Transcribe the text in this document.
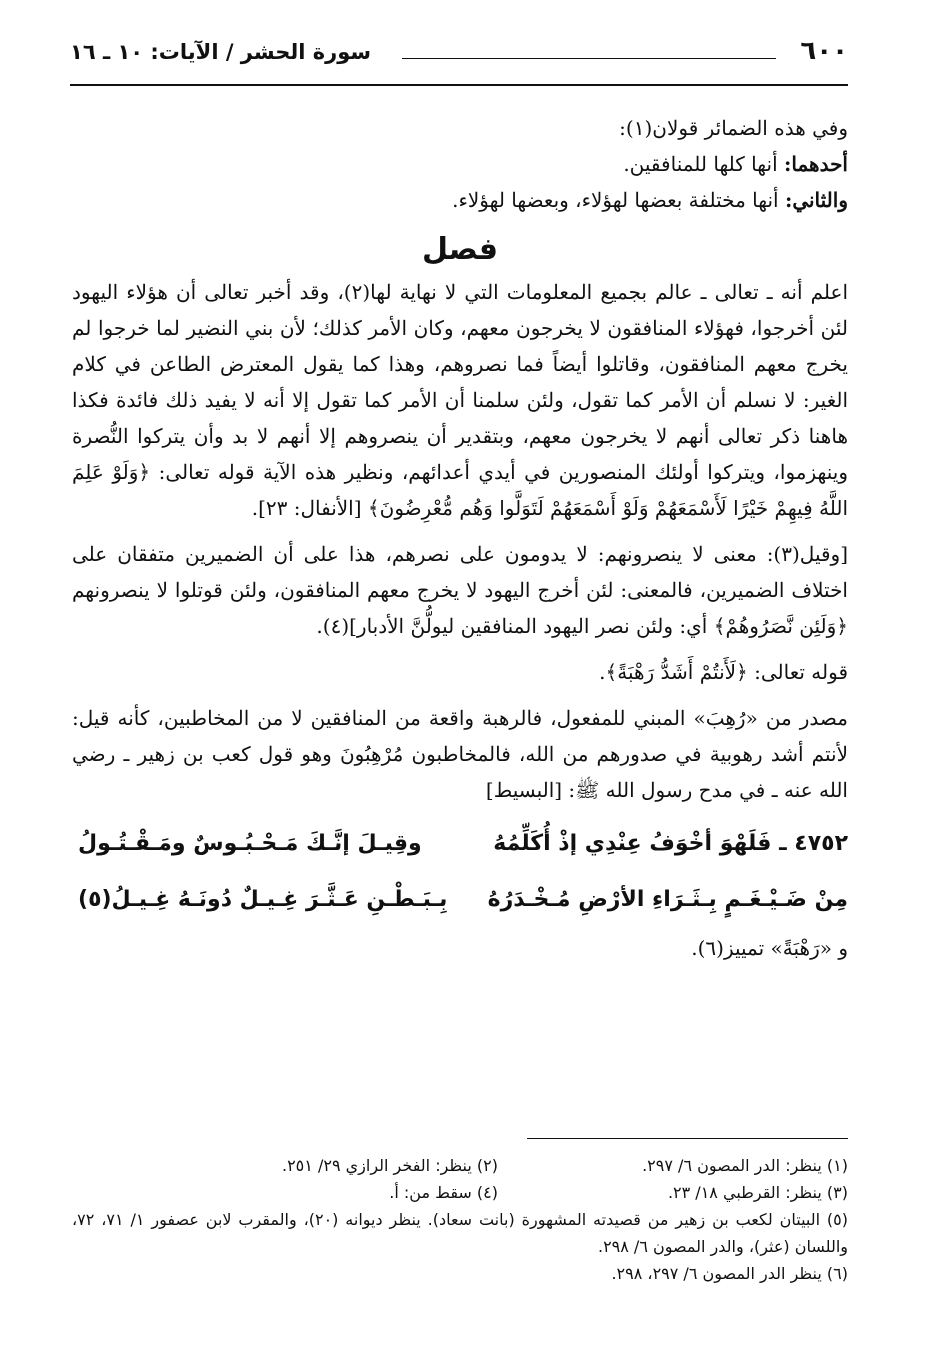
٦٠٠
سورة الحشر / الآيات: ١٠ ـ ١٦

وفي هذه الضمائر قولان(١):

أحدهما: أنها كلها للمنافقين.

والثاني: أنها مختلفة بعضها لهؤلاء، وبعضها لهؤلاء.

فصل

اعلم أنه ـ تعالى ـ عالم بجميع المعلومات التي لا نهاية لها(٢)، وقد أخبر تعالى أن هؤلاء اليهود لئن أخرجوا، فهؤلاء المنافقون لا يخرجون معهم، وكان الأمر كذلك؛ لأن بني النضير لما خرجوا لم يخرج معهم المنافقون، وقاتلوا أيضاً فما نصروهم، وهذا كما يقول المعترض الطاعن في كلام الغير: لا نسلم أن الأمر كما تقول، ولئن سلمنا أن الأمر كما تقول إلا أنه لا يفيد ذلك فائدة فكذا هاهنا ذكر تعالى أنهم لا يخرجون معهم، وبتقدير أن ينصروهم إلا أنهم لا بد وأن يتركوا النُّصرة وينهزموا، ويتركوا أولئك المنصورين في أيدي أعدائهم، ونظير هذه الآية قوله تعالى: ﴿وَلَوْ عَلِمَ اللَّهُ فِيهِمْ خَيْرًا لَأَسْمَعَهُمْ وَلَوْ أَسْمَعَهُمْ لَتَوَلَّوا وَهُم مُّعْرِضُونَ﴾ [الأنفال: ٢٣].

[وقيل(٣): معنى لا ينصرونهم: لا يدومون على نصرهم، هذا على أن الضميرين متفقان على اختلاف الضميرين، فالمعنى: لئن أخرج اليهود لا يخرج معهم المنافقون، ولئن قوتلوا لا ينصرونهم ﴿وَلَئِن نَّصَرُوهُمْ﴾ أي: ولئن نصر اليهود المنافقين ليولُّنَّ الأدبار](٤).

قوله تعالى: ﴿لَأَنتُمْ أَشَدُّ رَهْبَةً﴾.

مصدر من «رُهِبَ» المبني للمفعول، فالرهبة واقعة من المنافقين لا من المخاطبين، كأنه قيل: لأنتم أشد رهوبية في صدورهم من الله، فالمخاطبون مُرْهِبُونَ وهو قول كعب بن زهير ـ رضي الله عنه ـ في مدح رسول الله ﷺ: [البسيط]

٤٧٥٢ ـ فَلَهْوَ أخْوَفُ عِنْدِي إذْ أُكَلِّمُهُ
وقِيـلَ إنَّـكَ مَـحْـبُـوسٌ ومَـقْـتُـولُ
مِنْ ضَـيْـغَـمٍ بِـثَـرَاءِ الأرْضِ مُـخْـدَرُهُ
بِـبَـطْـنِ عَـثَّـرَ غِـيـلٌ دُونَـهُ غِـيـلُ(٥)

و «رَهْبَةً» تمييز(٦).

(١) ينظر: الدر المصون ٦/ ٢٩٧.
(٢) ينظر: الفخر الرازي ٢٩/ ٢٥١.
(٣) ينظر: القرطبي ١٨/ ٢٣.
(٤) سقط من: أ.
(٥) البيتان لكعب بن زهير من قصيدته المشهورة (بانت سعاد). ينظر ديوانه (٢٠)، والمقرب لابن عصفور ١/ ٧١، ٧٢، واللسان (عثر)، والدر المصون ٦/ ٢٩٨.
(٦) ينظر الدر المصون ٦/ ٢٩٧، ٢٩٨.
